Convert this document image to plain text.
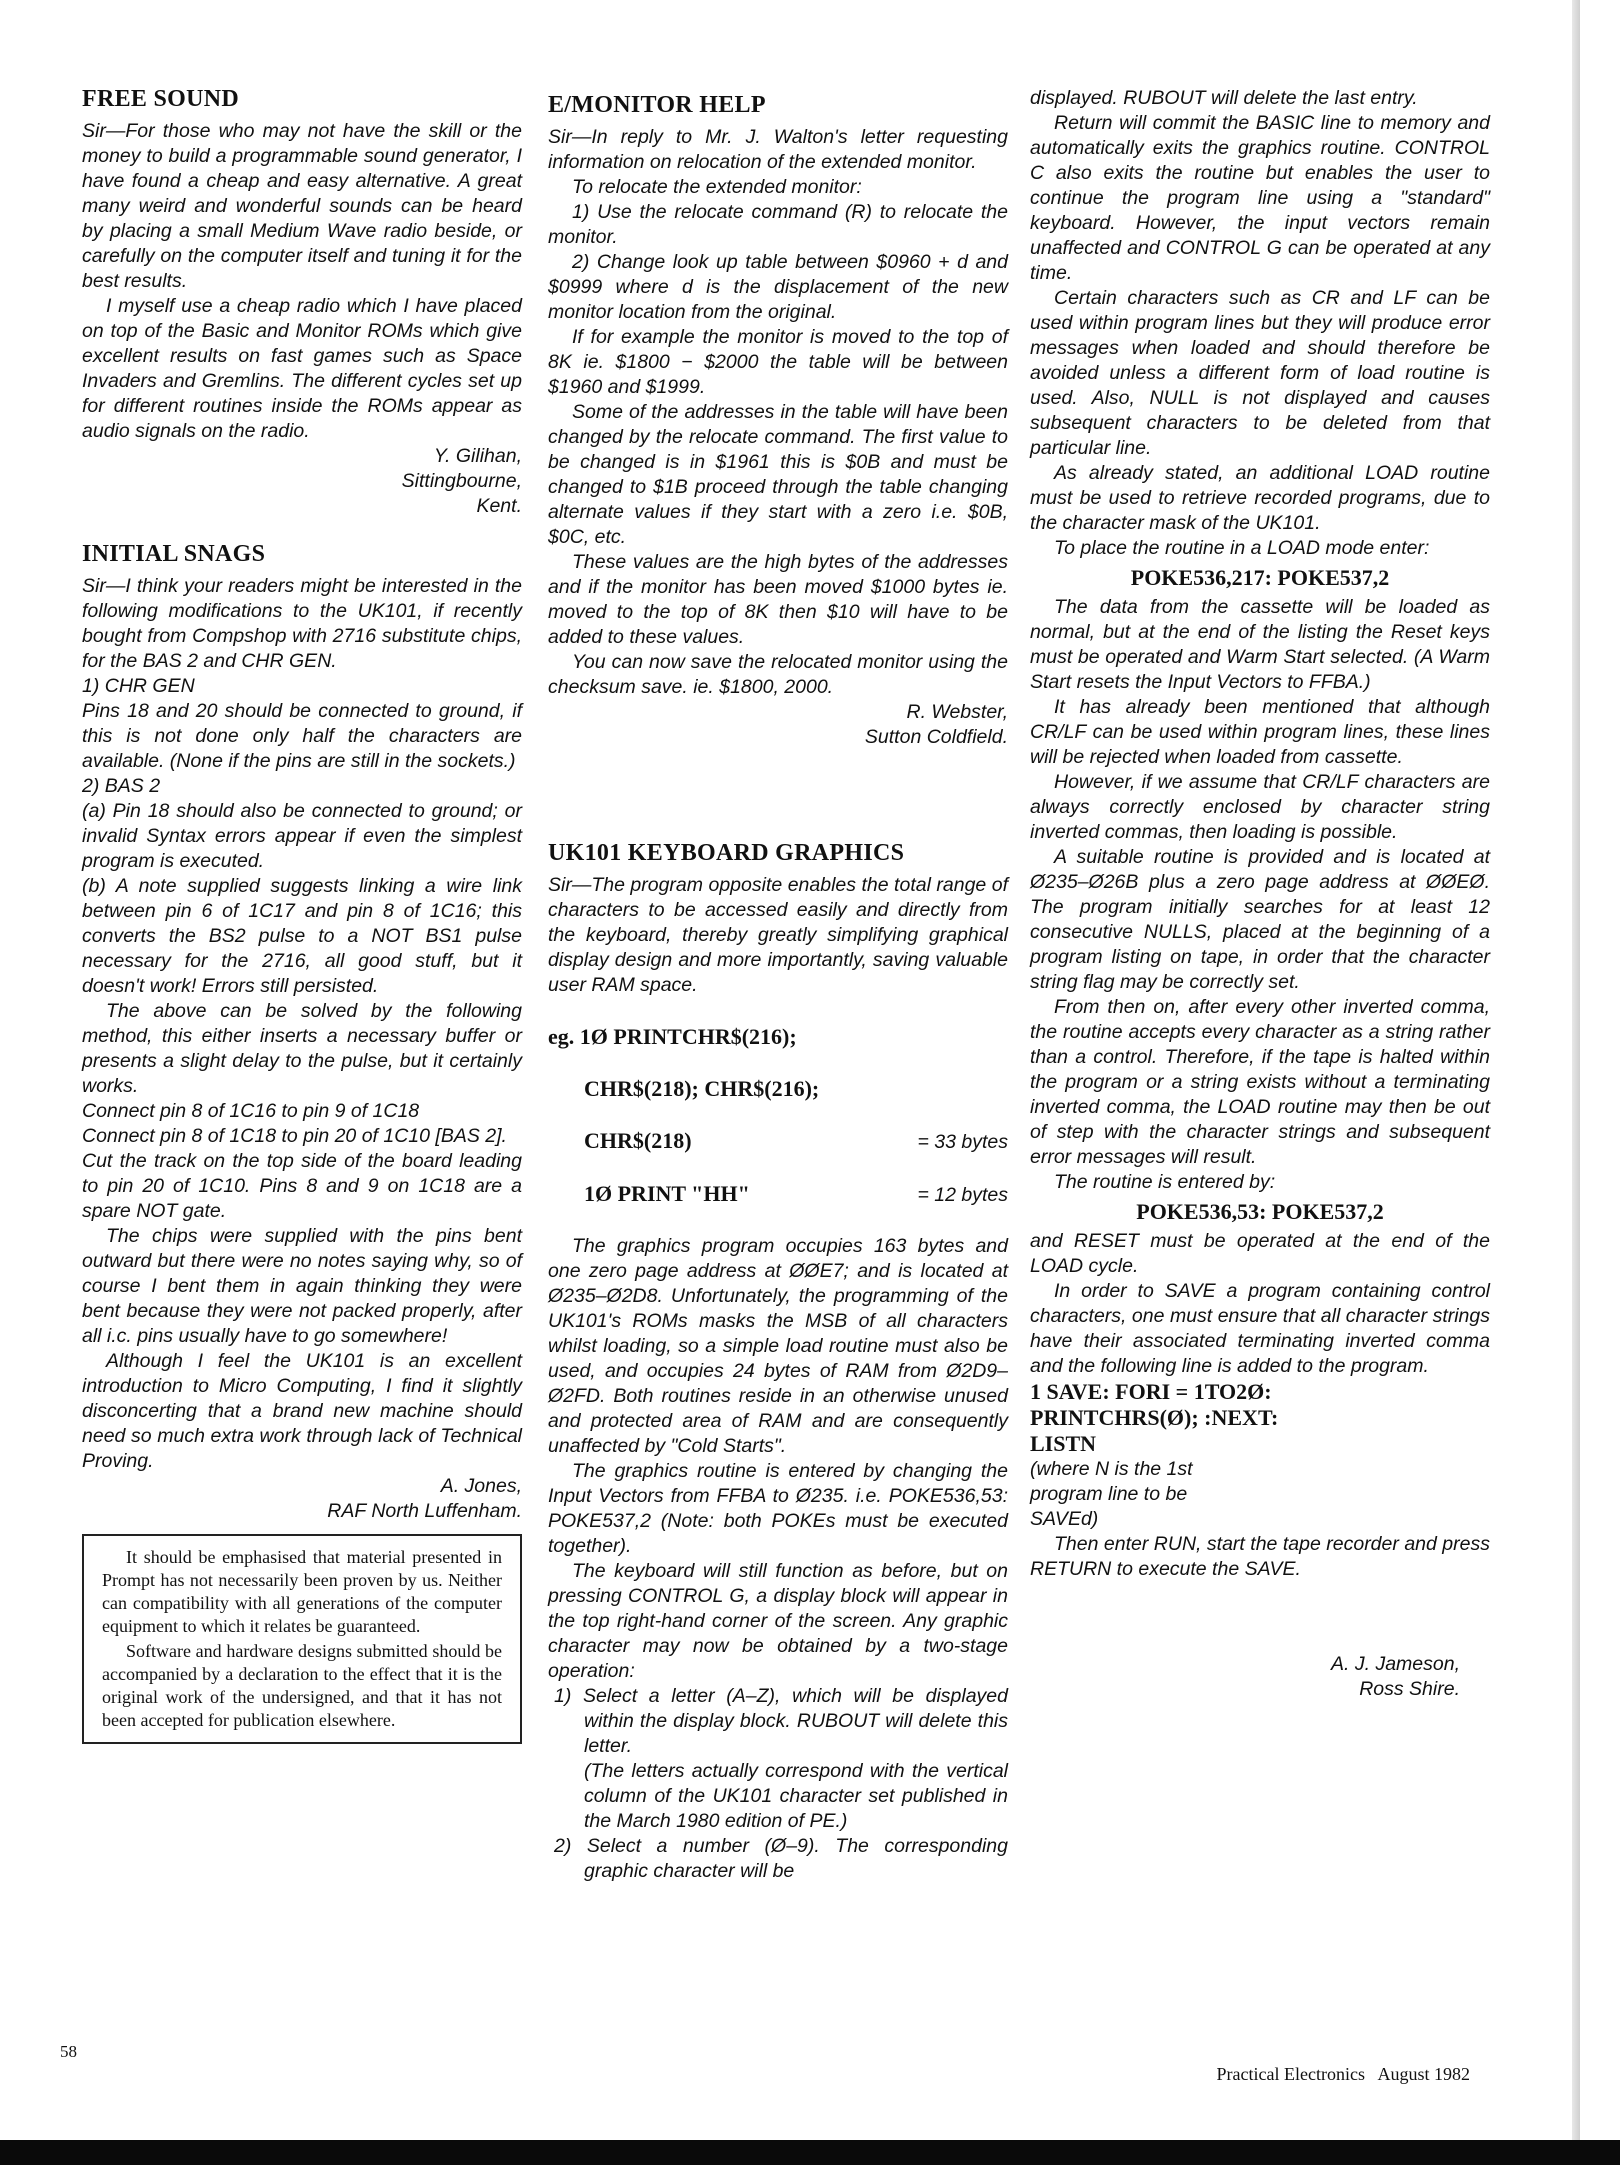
FREE SOUND

Sir—For those who may not have the skill or the money to build a programmable sound generator, I have found a cheap and easy alternative. A great many weird and wonderful sounds can be heard by placing a small Medium Wave radio beside, or carefully on the computer itself and tuning it for the best results.

I myself use a cheap radio which I have placed on top of the Basic and Monitor ROMs which give excellent results on fast games such as Space Invaders and Gremlins. The different cycles set up for different routines inside the ROMs appear as audio signals on the radio.

Y. Gilihan,
Sittingbourne,
Kent.

INITIAL SNAGS

Sir—I think your readers might be interested in the following modifications to the UK101, if recently bought from Compshop with 2716 substitute chips, for the BAS 2 and CHR GEN.

1) CHR GEN

Pins 18 and 20 should be connected to ground, if this is not done only half the characters are available. (None if the pins are still in the sockets.)

2) BAS 2

(a) Pin 18 should also be connected to ground; or invalid Syntax errors appear if even the simplest program is executed.

(b) A note supplied suggests linking a wire link between pin 6 of 1C17 and pin 8 of 1C16; this converts the BS2 pulse to a NOT BS1 pulse necessary for the 2716, all good stuff, but it doesn't work! Errors still persisted.

The above can be solved by the following method, this either inserts a necessary buffer or presents a slight delay to the pulse, but it certainly works.

Connect pin 8 of 1C16 to pin 9 of 1C18

Connect pin 8 of 1C18 to pin 20 of 1C10 [BAS 2].

Cut the track on the top side of the board leading to pin 20 of 1C10. Pins 8 and 9 on 1C18 are a spare NOT gate.

The chips were supplied with the pins bent outward but there were no notes saying why, so of course I bent them in again thinking they were bent because they were not packed properly, after all i.c. pins usually have to go somewhere!

Although I feel the UK101 is an excellent introduction to Micro Computing, I find it slightly disconcerting that a brand new machine should need so much extra work through lack of Technical Proving.

A. Jones,
RAF North Luffenham.

It should be emphasised that material presented in Prompt has not necessarily been proven by us. Neither can compatibility with all generations of the computer equipment to which it relates be guaranteed.

Software and hardware designs submitted should be accompanied by a declaration to the effect that it is the original work of the undersigned, and that it has not been accepted for publication elsewhere.

E/MONITOR HELP

Sir—In reply to Mr. J. Walton's letter requesting information on relocation of the extended monitor.

To relocate the extended monitor:

1) Use the relocate command (R) to relocate the monitor.

2) Change look up table between $0960 + d and $0999 where d is the displacement of the new monitor location from the original.

If for example the monitor is moved to the top of 8K ie. $1800 − $2000 the table will be between $1960 and $1999.

Some of the addresses in the table will have been changed by the relocate command. The first value to be changed is in $1961 this is $0B and must be changed to $1B proceed through the table changing alternate values if they start with a zero i.e. $0B, $0C, etc.

These values are the high bytes of the addresses and if the monitor has been moved $1000 bytes ie. moved to the top of 8K then $10 will have to be added to these values.

You can now save the relocated monitor using the checksum save. ie. $1800, 2000.

R. Webster,
Sutton Coldfield.

UK101 KEYBOARD GRAPHICS

Sir—The program opposite enables the total range of characters to be accessed easily and directly from the keyboard, thereby greatly simplifying graphical display design and more importantly, saving valuable user RAM space.

eg. 1Ø PRINTCHR$(216);

CHR$(218); CHR$(216);

CHR$(218)	= 33 bytes

1Ø PRINT "HH"	= 12 bytes

The graphics program occupies 163 bytes and one zero page address at ØØE7; and is located at Ø235–Ø2D8. Unfortunately, the programming of the UK101's ROMs masks the MSB of all characters whilst loading, so a simple load routine must also be used, and occupies 24 bytes of RAM from Ø2D9–Ø2FD. Both routines reside in an otherwise unused and protected area of RAM and are consequently unaffected by "Cold Starts".

The graphics routine is entered by changing the Input Vectors from FFBA to Ø235. i.e. POKE536,53: POKE537,2 (Note: both POKEs must be executed together).

The keyboard will still function as before, but on pressing CONTROL G, a display block will appear in the top right-hand corner of the screen. Any graphic character may now be obtained by a two-stage operation:

1) Select a letter (A–Z), which will be displayed within the display block. RUBOUT will delete this letter.

(The letters actually correspond with the vertical column of the UK101 character set published in the March 1980 edition of PE.)

2) Select a number (Ø–9). The corresponding graphic character will be

displayed. RUBOUT will delete the last entry.

Return will commit the BASIC line to memory and automatically exits the graphics routine. CONTROL C also exits the routine but enables the user to continue the program line using a "standard" keyboard. However, the input vectors remain unaffected and CONTROL G can be operated at any time.

Certain characters such as CR and LF can be used within program lines but they will produce error messages when loaded and should therefore be avoided unless a different form of load routine is used. Also, NULL is not displayed and causes subsequent characters to be deleted from that particular line.

As already stated, an additional LOAD routine must be used to retrieve recorded programs, due to the character mask of the UK101.

To place the routine in a LOAD mode enter:

POKE536,217: POKE537,2

The data from the cassette will be loaded as normal, but at the end of the listing the Reset keys must be operated and Warm Start selected. (A Warm Start resets the Input Vectors to FFBA.)

It has already been mentioned that although CR/LF can be used within program lines, these lines will be rejected when loaded from cassette.

However, if we assume that CR/LF characters are always correctly enclosed by character string inverted commas, then loading is possible.

A suitable routine is provided and is located at Ø235–Ø26B plus a zero page address at ØØEØ. The program initially searches for at least 12 consecutive NULLS, placed at the beginning of a program listing on tape, in order that the character string flag may be correctly set.

From then on, after every other inverted comma, the routine accepts every character as a string rather than a control. Therefore, if the tape is halted within the program or a string exists without a terminating inverted comma, the LOAD routine may then be out of step with the character strings and subsequent error messages will result.

The routine is entered by:

POKE536,53: POKE537,2

and RESET must be operated at the end of the LOAD cycle.

In order to SAVE a program containing control characters, one must ensure that all character strings have their associated terminating inverted comma and the following line is added to the program.

1 SAVE: FORI = 1TO2Ø:
PRINTCHRS(Ø); :NEXT:
LISTN

(where N is the 1st
program line to be
SAVEd)

Then enter RUN, start the tape recorder and press RETURN to execute the SAVE.

A. J. Jameson,
Ross Shire.

58
Practical Electronics   August 1982
